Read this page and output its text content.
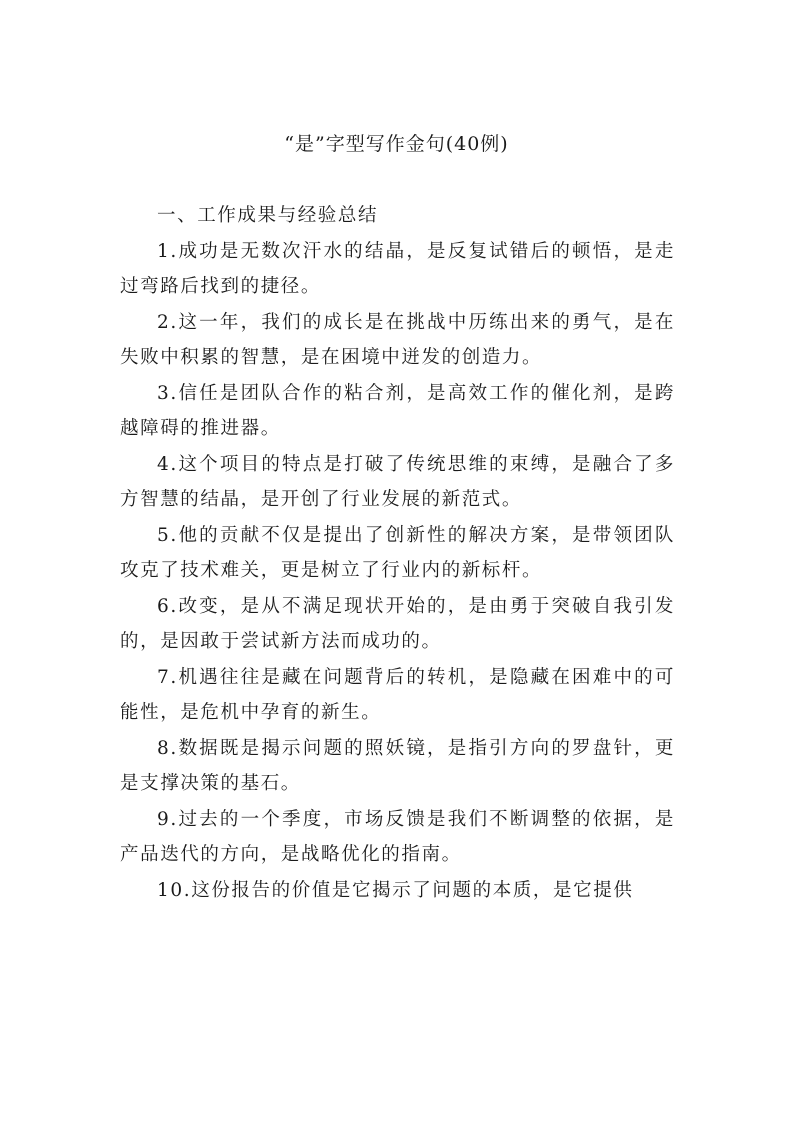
“是”字型写作金句(40例)

一、工作成果与经验总结

1.成功是无数次汗水的结晶，是反复试错后的顿悟，是走过弯路后找到的捷径。

2.这一年，我们的成长是在挑战中历练出来的勇气，是在失败中积累的智慧，是在困境中迸发的创造力。

3.信任是团队合作的粘合剂，是高效工作的催化剂，是跨越障碍的推进器。

4.这个项目的特点是打破了传统思维的束缚，是融合了多方智慧的结晶，是开创了行业发展的新范式。

5.他的贡献不仅是提出了创新性的解决方案，是带领团队攻克了技术难关，更是树立了行业内的新标杆。

6.改变，是从不满足现状开始的，是由勇于突破自我引发的，是因敢于尝试新方法而成功的。

7.机遇往往是藏在问题背后的转机，是隐藏在困难中的可能性，是危机中孕育的新生。

8.数据既是揭示问题的照妖镜，是指引方向的罗盘针，更是支撑决策的基石。

9.过去的一个季度，市场反馈是我们不断调整的依据，是产品迭代的方向，是战略优化的指南。

10.这份报告的价值是它揭示了问题的本质，是它提供
